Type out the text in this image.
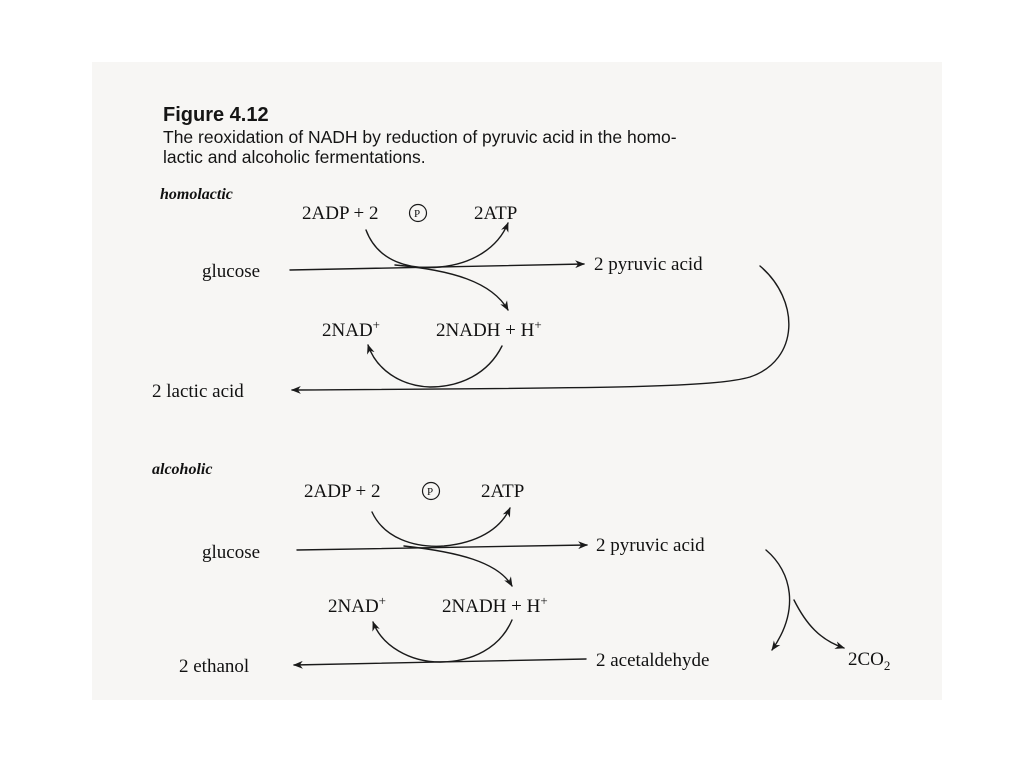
Figure 4.12
The reoxidation of NADH by reduction of pyruvic acid in the homo-
lactic and alcoholic fermentations.
homolactic
2ADP + 2	P	2ATP
glucose	2 pyruvic acid
2NAD+	2NADH + H+
2 lactic acid
alcoholic
2ADP + 2	P	2ATP
glucose	2 pyruvic acid
2NAD+	2NADH + H+
2 ethanol	2 acetaldehyde	$2CO_2$
